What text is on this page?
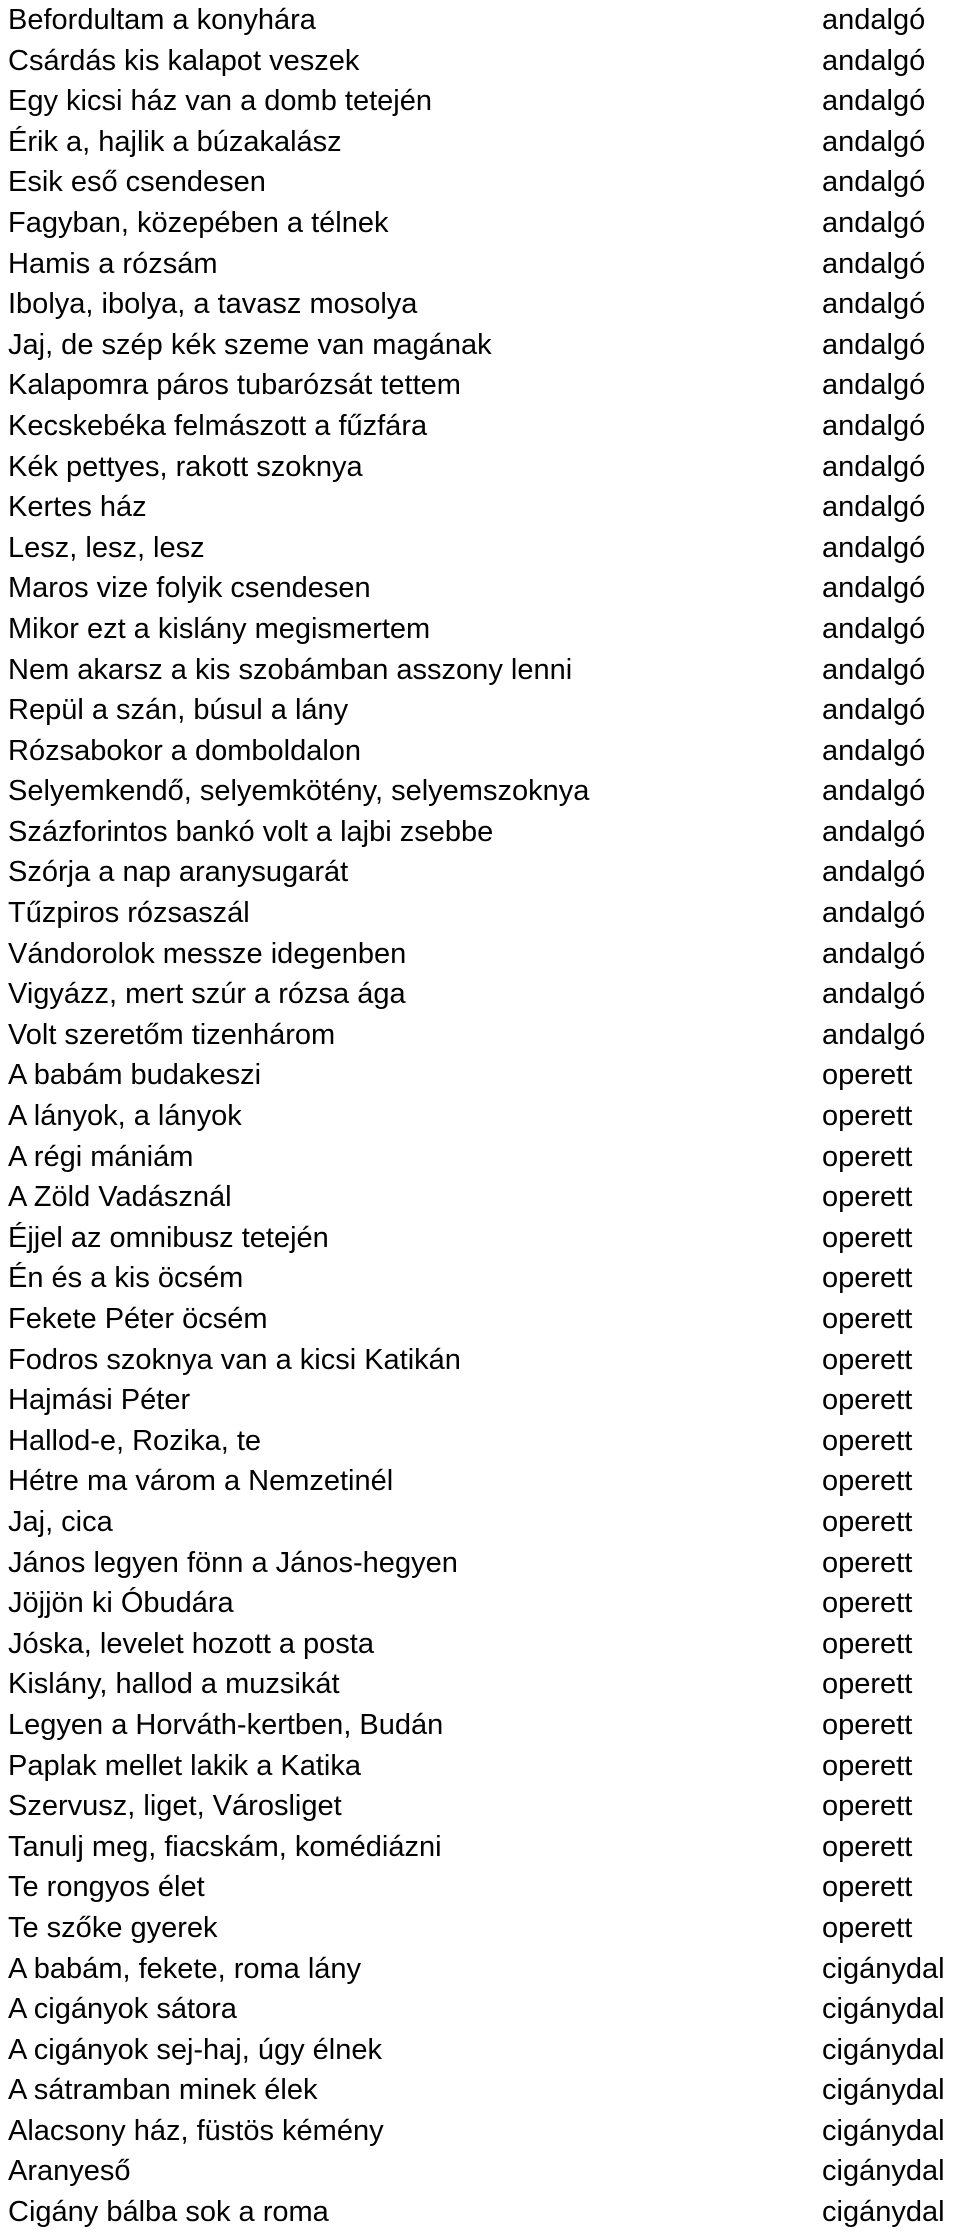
Befordultam a konyhára	andalgó
Csárdás kis kalapot veszek	andalgó
Egy kicsi ház van a domb tetején	andalgó
Érik a, hajlik a búzakalász	andalgó
Esik eső csendesen	andalgó
Fagyban, közepében a télnek	andalgó
Hamis a rózsám	andalgó
Ibolya, ibolya, a tavasz mosolya	andalgó
Jaj, de szép kék szeme van magának	andalgó
Kalapomra páros tubarózsát tettem	andalgó
Kecskebéka felmászott a fűzfára	andalgó
Kék pettyes, rakott szoknya	andalgó
Kertes ház	andalgó
Lesz, lesz, lesz	andalgó
Maros vize folyik csendesen	andalgó
Mikor ezt a kislány megismertem	andalgó
Nem akarsz a kis szobámban asszony lenni	andalgó
Repül a szán, búsul a lány	andalgó
Rózsabokor a domboldalon	andalgó
Selyemkendő, selyemkötény, selyemszoknya	andalgó
Százforintos bankó volt a lajbi zsebbe	andalgó
Szórja a nap aranysugarát	andalgó
Tűzpiros rózsaszál	andalgó
Vándorolok messze idegenben	andalgó
Vigyázz, mert szúr a rózsa ága	andalgó
Volt szeretőm tizenhárom	andalgó
A babám budakeszi	operett
A lányok, a lányok	operett
A régi mániám	operett
A Zöld Vadásznál	operett
Éjjel az omnibusz tetején	operett
Én és a kis öcsém	operett
Fekete Péter öcsém	operett
Fodros szoknya van a kicsi Katikán	operett
Hajmási Péter	operett
Hallod-e, Rozika, te	operett
Hétre ma várom a Nemzetinél	operett
Jaj, cica	operett
János legyen fönn a János-hegyen	operett
Jöjjön ki Óbudára	operett
Jóska, levelet hozott a posta	operett
Kislány, hallod a muzsikát	operett
Legyen a Horváth-kertben, Budán	operett
Paplak mellet lakik a Katika	operett
Szervusz, liget, Városliget	operett
Tanulj meg, fiacskám, komédiázni	operett
Te rongyos élet	operett
Te szőke gyerek	operett
A babám, fekete, roma lány	cigánydal
A cigányok sátora	cigánydal
A cigányok sej-haj, úgy élnek	cigánydal
A sátramban minek élek	cigánydal
Alacsony ház, füstös kémény	cigánydal
Aranyeső	cigánydal
Cigány bálba sok a roma	cigánydal
